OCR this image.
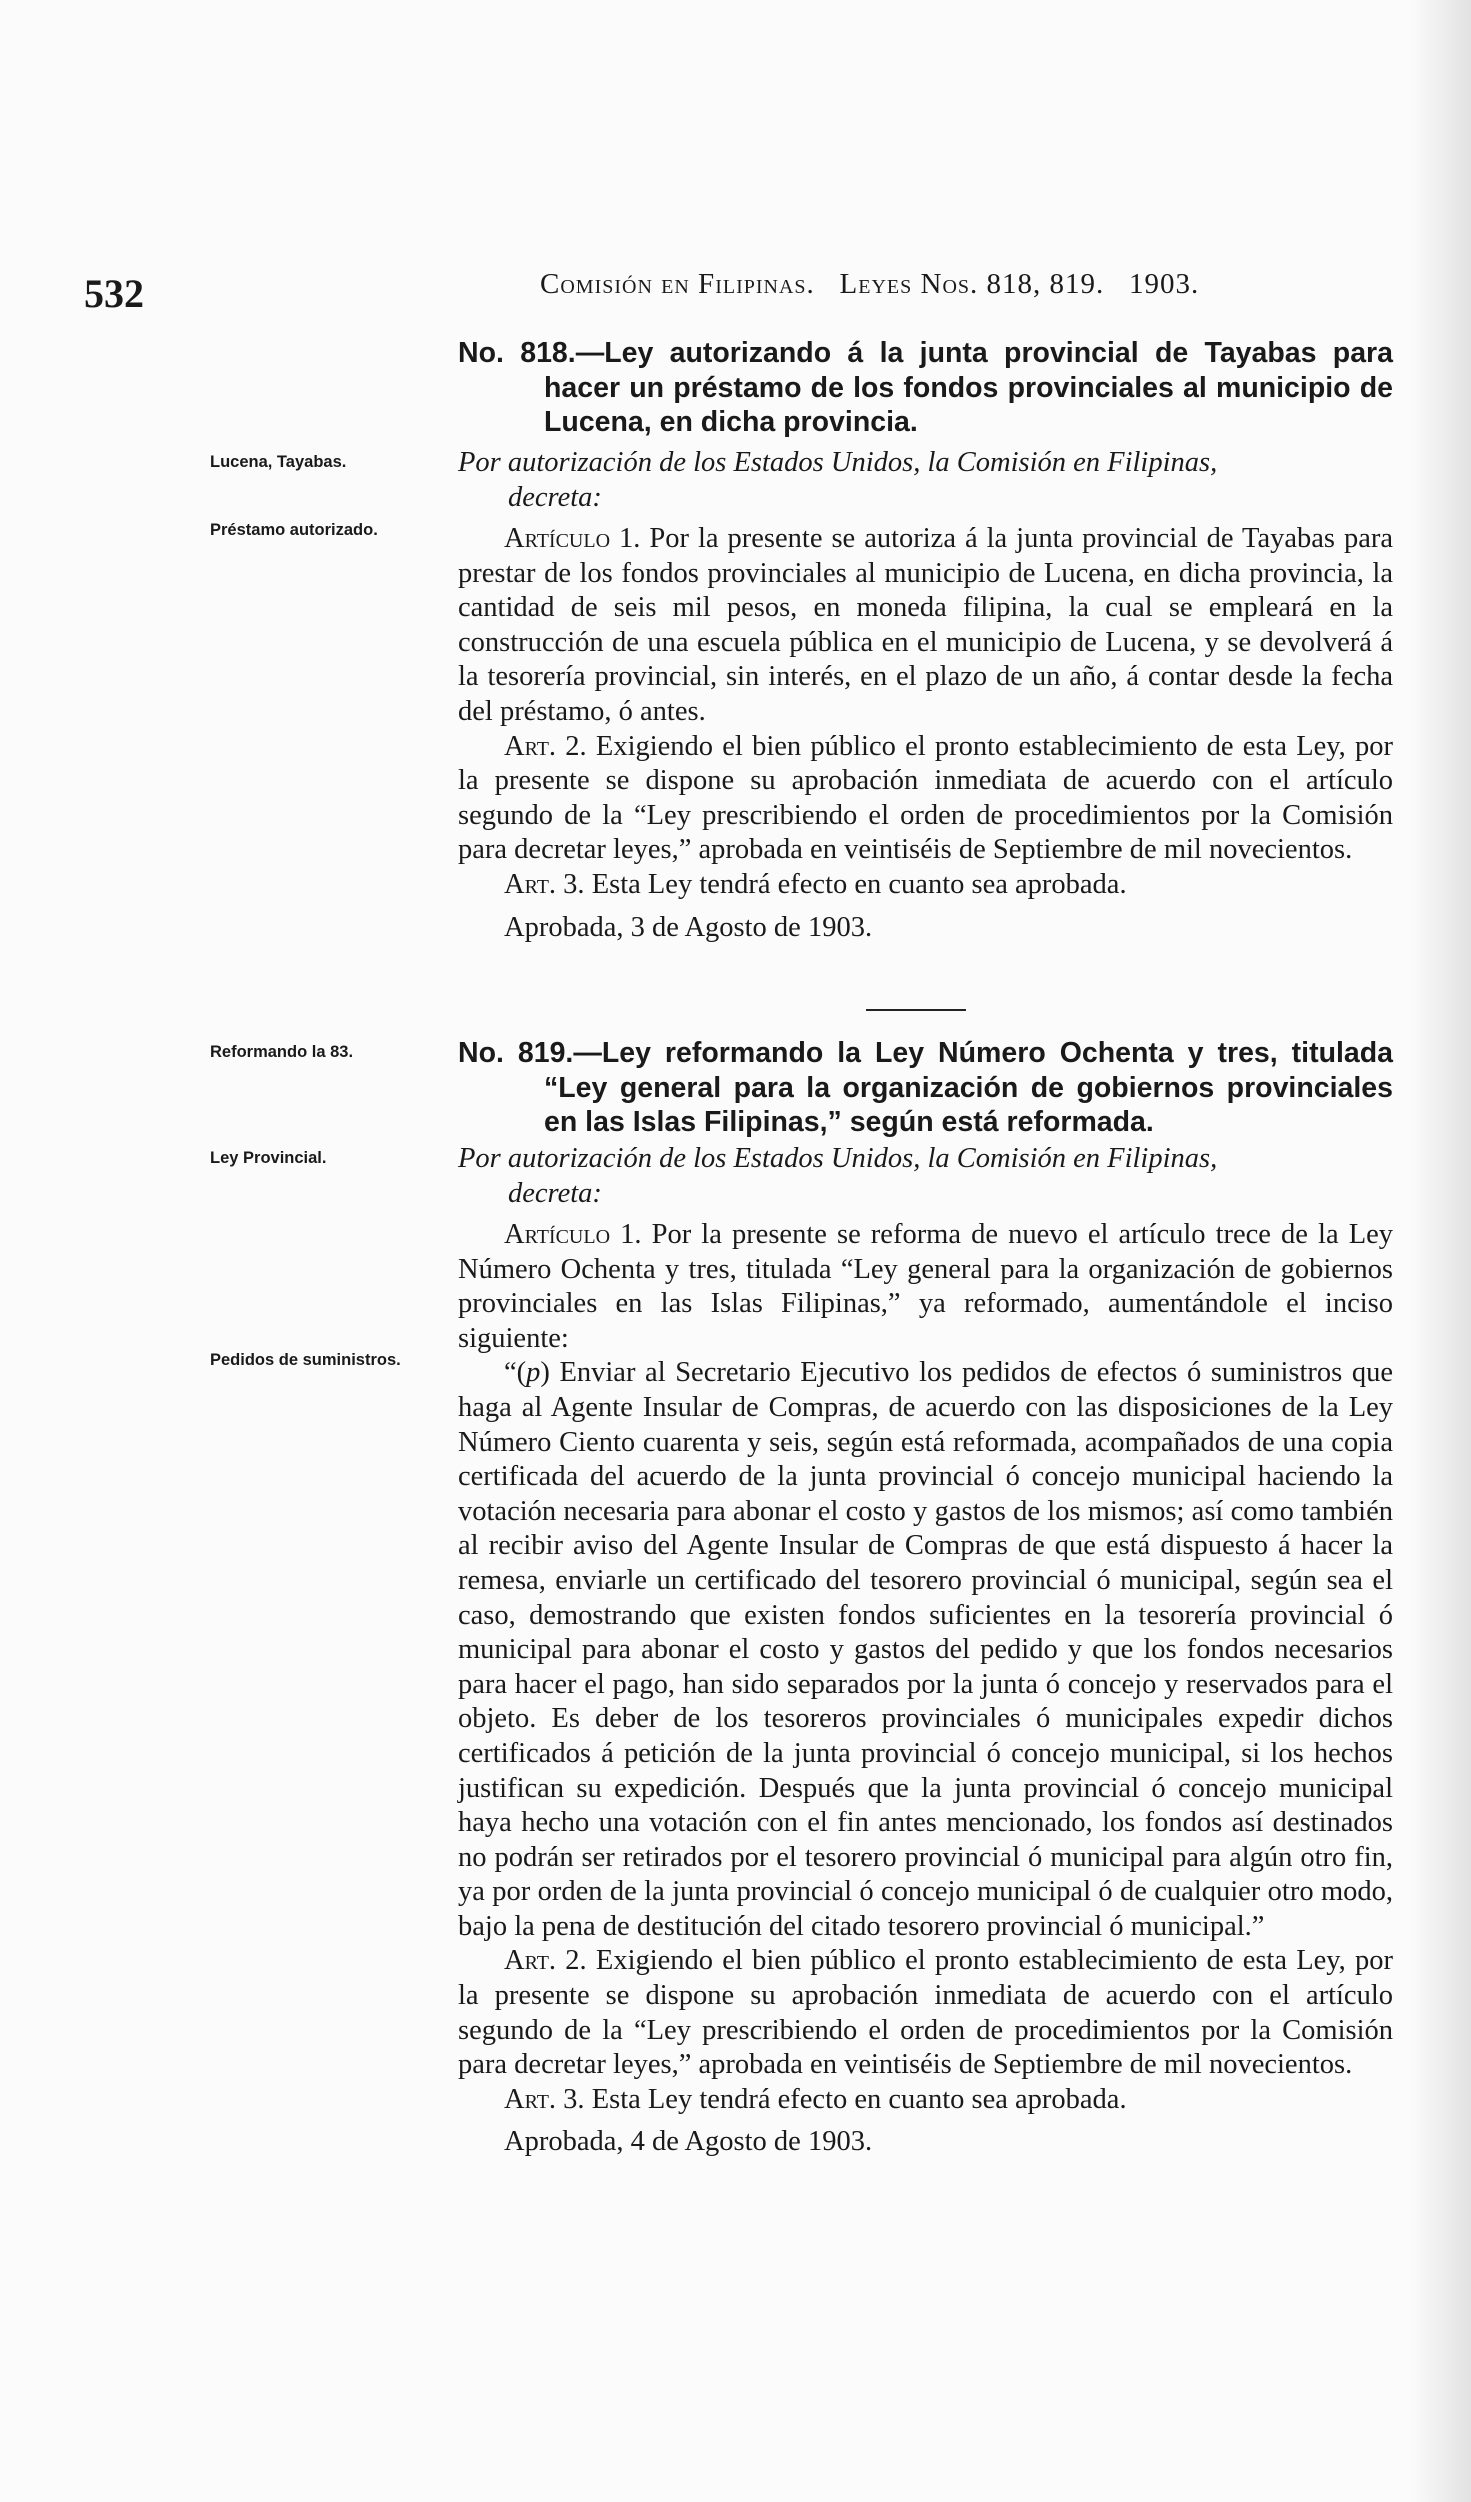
532	Comisión en Filipinas. Leyes Nos. 818, 819. 1903.

No. 818.—Ley autorizando á la junta provincial de Tayabas para hacer un préstamo de los fondos provinciales al municipio de Lucena, en dicha provincia.

Lucena, Tayabas.
Préstamo autorizado.

Por autorización de los Estados Unidos, la Comisión en Filipinas,
decreta:

Artículo 1. Por la presente se autoriza á la junta provincial de Tayabas para prestar de los fondos provinciales al municipio de Lucena, en dicha provincia, la cantidad de seis mil pesos, en moneda filipina, la cual se empleará en la construcción de una escuela pública en el municipio de Lucena, y se devolverá á la tesorería provincial, sin interés, en el plazo de un año, á contar desde la fecha del préstamo, ó antes.

Art. 2. Exigiendo el bien público el pronto establecimiento de esta Ley, por la presente se dispone su aprobación inmediata de acuerdo con el artículo segundo de la “Ley prescribiendo el orden de procedimientos por la Comisión para decretar leyes,” aprobada en veintiséis de Septiembre de mil novecientos.

Art. 3. Esta Ley tendrá efecto en cuanto sea aprobada.

Aprobada, 3 de Agosto de 1903.

Reformando la 83.	No. 819.—Ley reformando la Ley Número Ochenta y tres, titulada “Ley general para la organización de gobiernos provinciales en las Islas Filipinas,” según está reformada.

Ley Provincial.	Por autorización de los Estados Unidos, la Comisión en Filipinas,
decreta:

Pedidos de suministros.

Artículo 1. Por la presente se reforma de nuevo el artículo trece de la Ley Número Ochenta y tres, titulada “Ley general para la organización de gobiernos provinciales en las Islas Filipinas,” ya reformado, aumentándole el inciso siguiente:

“(p) Enviar al Secretario Ejecutivo los pedidos de efectos ó suministros que haga al Agente Insular de Compras, de acuerdo con las disposiciones de la Ley Número Ciento cuarenta y seis, según está reformada, acompañados de una copia certificada del acuerdo de la junta provincial ó concejo municipal haciendo la votación necesaria para abonar el costo y gastos de los mismos; así como también al recibir aviso del Agente Insular de Compras de que está dispuesto á hacer la remesa, enviarle un certificado del tesorero provincial ó municipal, según sea el caso, demostrando que existen fondos suficientes en la tesorería provincial ó municipal para abonar el costo y gastos del pedido y que los fondos necesarios para hacer el pago, han sido separados por la junta ó concejo y reservados para el objeto. Es deber de los tesoreros provinciales ó municipales expedir dichos certificados á petición de la junta provincial ó concejo municipal, si los hechos justifican su expedición. Después que la junta provincial ó concejo municipal haya hecho una votación con el fin antes mencionado, los fondos así destinados no podrán ser retirados por el tesorero provincial ó municipal para algún otro fin, ya por orden de la junta provincial ó concejo municipal ó de cualquier otro modo, bajo la pena de destitución del citado tesorero provincial ó municipal.”

Art. 2. Exigiendo el bien público el pronto establecimiento de esta Ley, por la presente se dispone su aprobación inmediata de acuerdo con el artículo segundo de la “Ley prescribiendo el orden de procedimientos por la Comisión para decretar leyes,” aprobada en veintiséis de Septiembre de mil novecientos.

Art. 3. Esta Ley tendrá efecto en cuanto sea aprobada.

Aprobada, 4 de Agosto de 1903.
